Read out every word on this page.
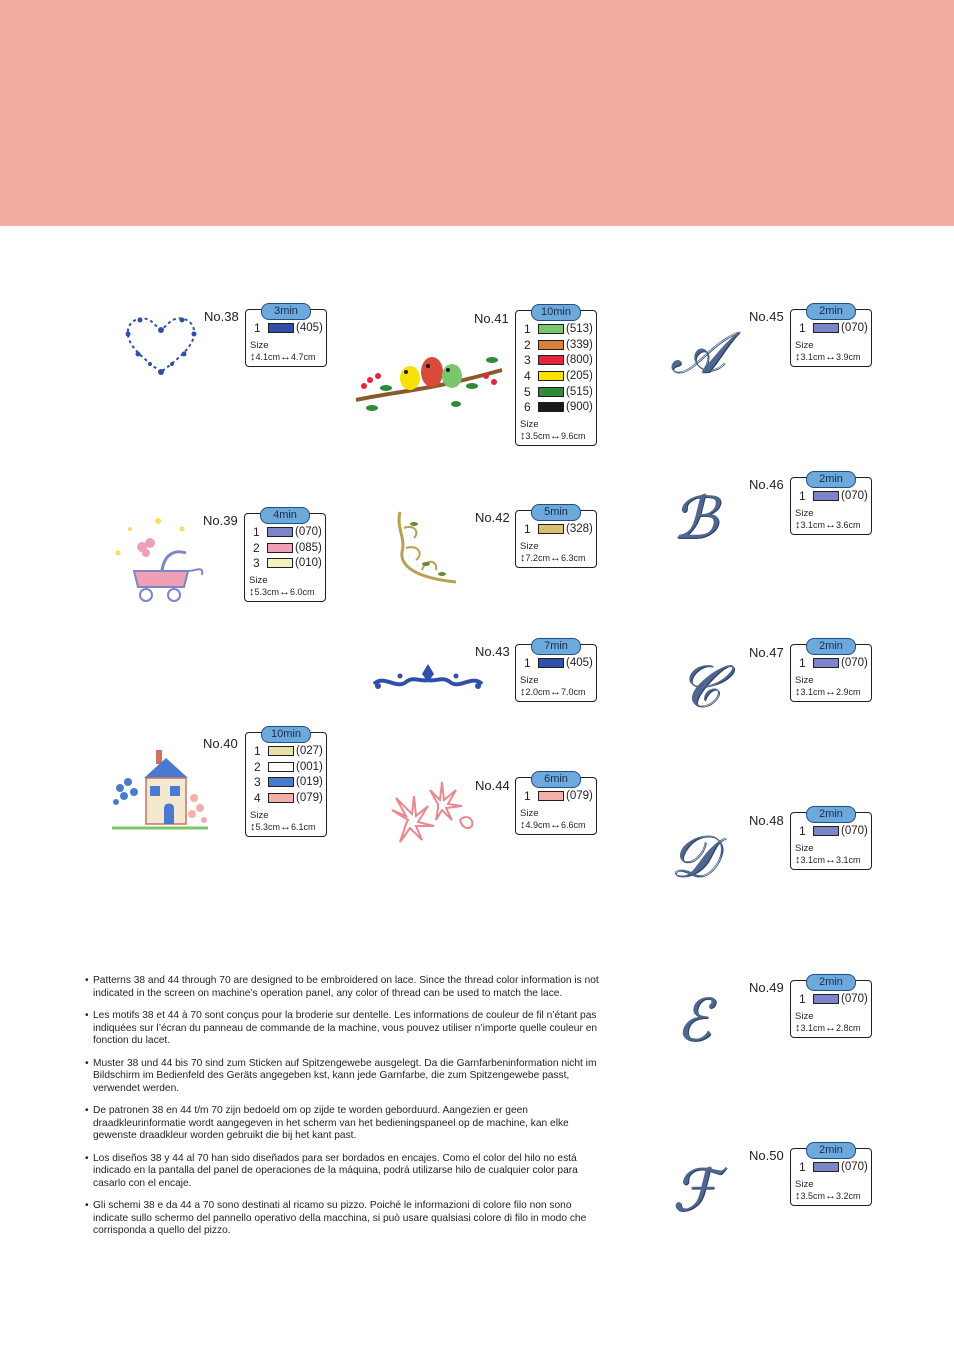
No.38	3min
1	(405)
Size
↕ 4.1cm ↔ 4.7cm
No.39	4min
1	(070)
2	(085)
3	(010)
Size
↕ 5.3cm ↔ 6.0cm
No.40
10min
1	(027)
2	(001)
3	(019)
4	(079)
Size
↕ 5.3cm ↔ 6.1cm
No.41	10min
1	(513)
2	(339)
3	(800)
4	(205)
5	(515)
6	(900)
Size
↕ 3.5cm ↔ 9.6cm
No.42	5min
1	(328)
Size
↕ 7.2cm ↔ 6.3cm
No.43	7min
1	(405)
Size
↕ 2.0cm ↔ 7.0cm
No.44	6min
1	(079)
Size
↕ 4.9cm ↔ 6.6cm
No.45	2min
1	(070)
Size
↕ 3.1cm ↔ 3.9cm
No.46	2min
1	(070)
Size
↕ 3.1cm ↔ 3.6cm
No.47	2min
1	(070)
Size
↕ 3.1cm ↔ 2.9cm
No.48	2min
1	(070)
Size
↕ 3.1cm ↔ 3.1cm
No.49	2min
1	(070)
Size
↕ 3.1cm ↔ 2.8cm
No.50	2min
1	(070)
Size
↕ 3.5cm ↔ 3.2cm
𝒜
ℬ
𝒞
𝒟
ℰ
ℱ
• Patterns 38 and 44 through 70 are designed to be embroidered on lace. Since the thread color information is not indicated in the screen on machine’s operation panel, any color of thread can be used to match the lace.
• Les motifs 38 et 44 à 70 sont conçus pour la broderie sur dentelle. Les informations de couleur de fil n’étant pas indiquées sur l’écran du panneau de commande de la machine, vous pouvez utiliser n’importe quelle couleur en fonction du lacet.
• Muster 38 und 44 bis 70 sind zum Sticken auf Spitzengewebe ausgelegt. Da die Garnfarbeninformation nicht im Bildschirm im Bedienfeld des Geräts angegeben kst, kann jede Garnfarbe, die zum Spitzengewebe passt, verwendet werden.
• De patronen 38 en 44 t/m 70 zijn bedoeld om op zijde te worden geborduurd. Aangezien er geen draadkleurinformatie wordt aangegeven in het scherm van het bedieningspaneel op de machine, kan elke gewenste draadkleur worden gebruikt die bij het kant past.
• Los diseños 38 y 44 al 70 han sido diseñados para ser bordados en encajes. Como el color del hilo no está indicado en la pantalla del panel de operaciones de la máquina, podrá utilizarse hilo de cualquier color para casarlo con el encaje.
• Gli schemi 38 e da 44 a 70 sono destinati al ricamo su pizzo. Poiché le informazioni di colore filo non sono indicate sullo schermo del pannello operativo della macchina, si può usare qualsiasi colore di filo in modo che corrisponda a quello del pizzo.
